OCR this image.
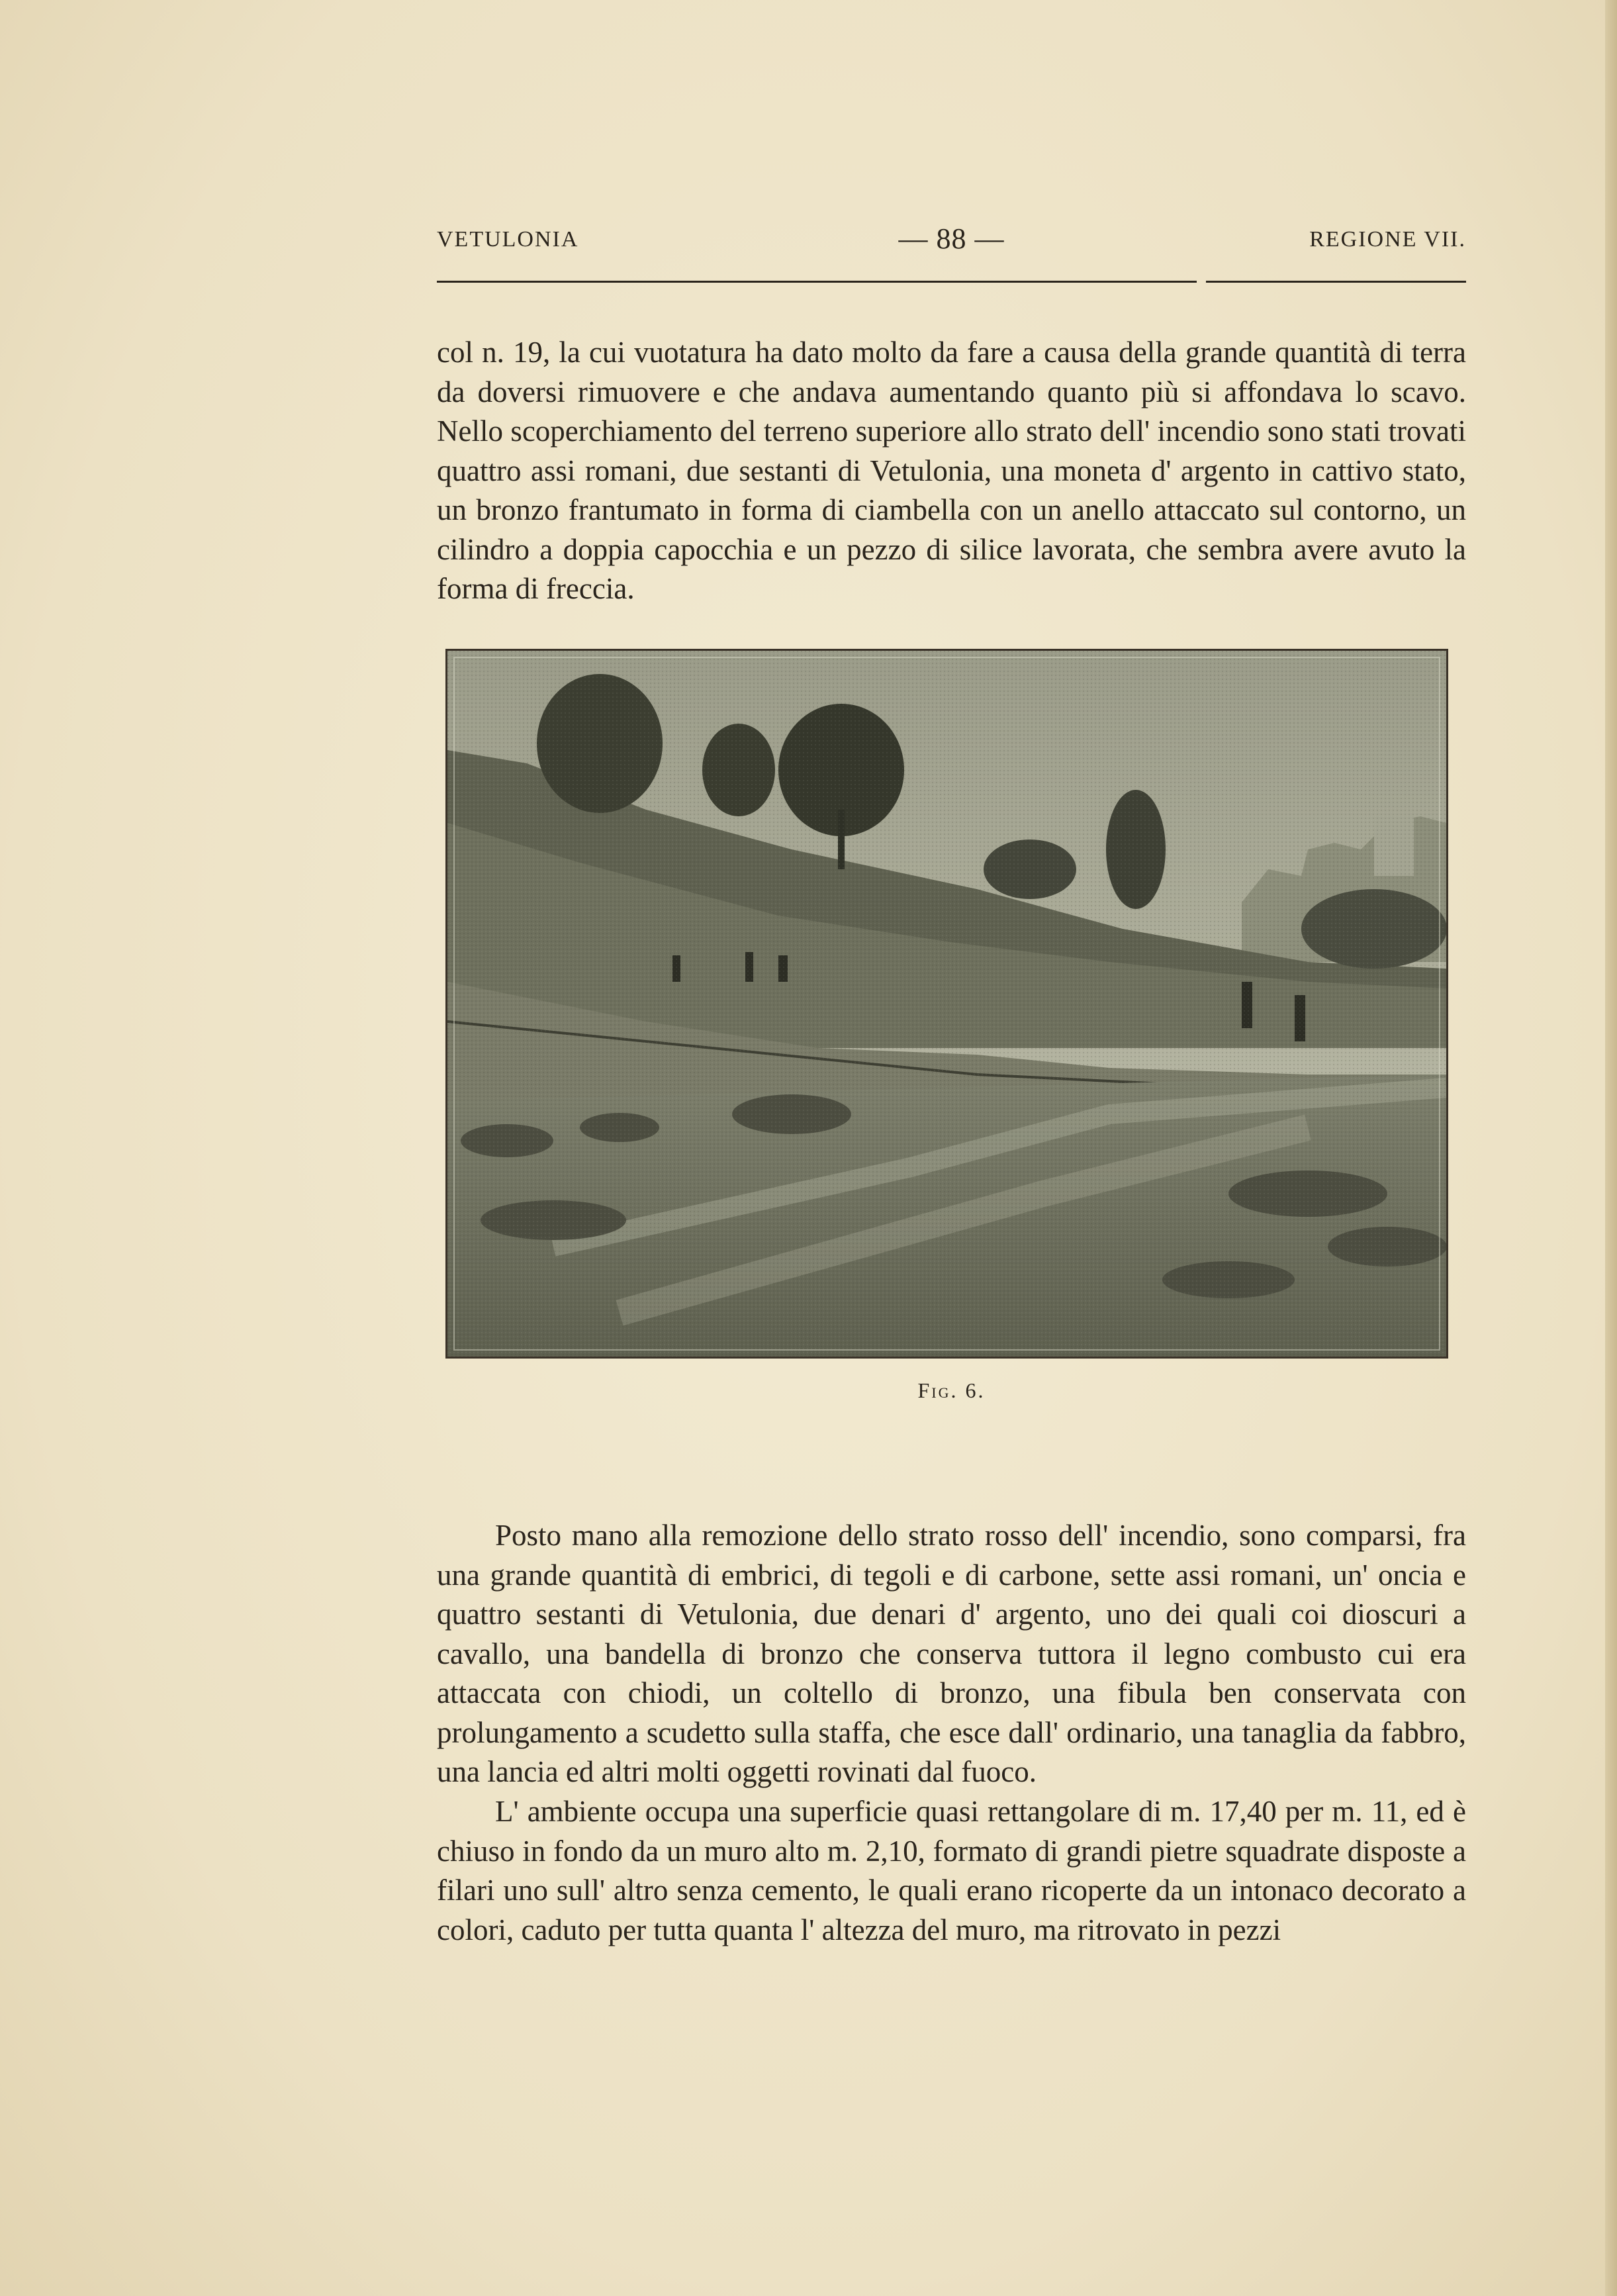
VETULONIA	— 88 —	REGIONE VII.

col n. 19, la cui vuotatura ha dato molto da fare a causa della grande quantità di terra da doversi rimuovere e che andava aumentando quanto più si affondava lo scavo. Nello scoperchiamento del terreno superiore allo strato dell' incendio sono stati trovati quattro assi romani, due sestanti di Vetulonia, una moneta d' argento in cattivo stato, un bronzo frantumato in forma di ciambella con un anello attaccato sul contorno, un cilindro a doppia capocchia e un pezzo di silice lavorata, che sembra avere avuto la forma di freccia.

Fig. 6.

Posto mano alla remozione dello strato rosso dell' incendio, sono comparsi, fra una grande quantità di embrici, di tegoli e di carbone, sette assi romani, un' oncia e quattro sestanti di Vetulonia, due denari d' argento, uno dei quali coi dioscuri a cavallo, una bandella di bronzo che conserva tuttora il legno combusto cui era attaccata con chiodi, un coltello di bronzo, una fibula ben conservata con prolungamento a scudetto sulla staffa, che esce dall' ordinario, una tanaglia da fabbro, una lancia ed altri molti oggetti rovinati dal fuoco.

L' ambiente occupa una superficie quasi rettangolare di m. 17,40 per m. 11, ed è chiuso in fondo da un muro alto m. 2,10, formato di grandi pietre squadrate disposte a filari uno sull' altro senza cemento, le quali erano ricoperte da un intonaco decorato a colori, caduto per tutta quanta l' altezza del muro, ma ritrovato in pezzi
